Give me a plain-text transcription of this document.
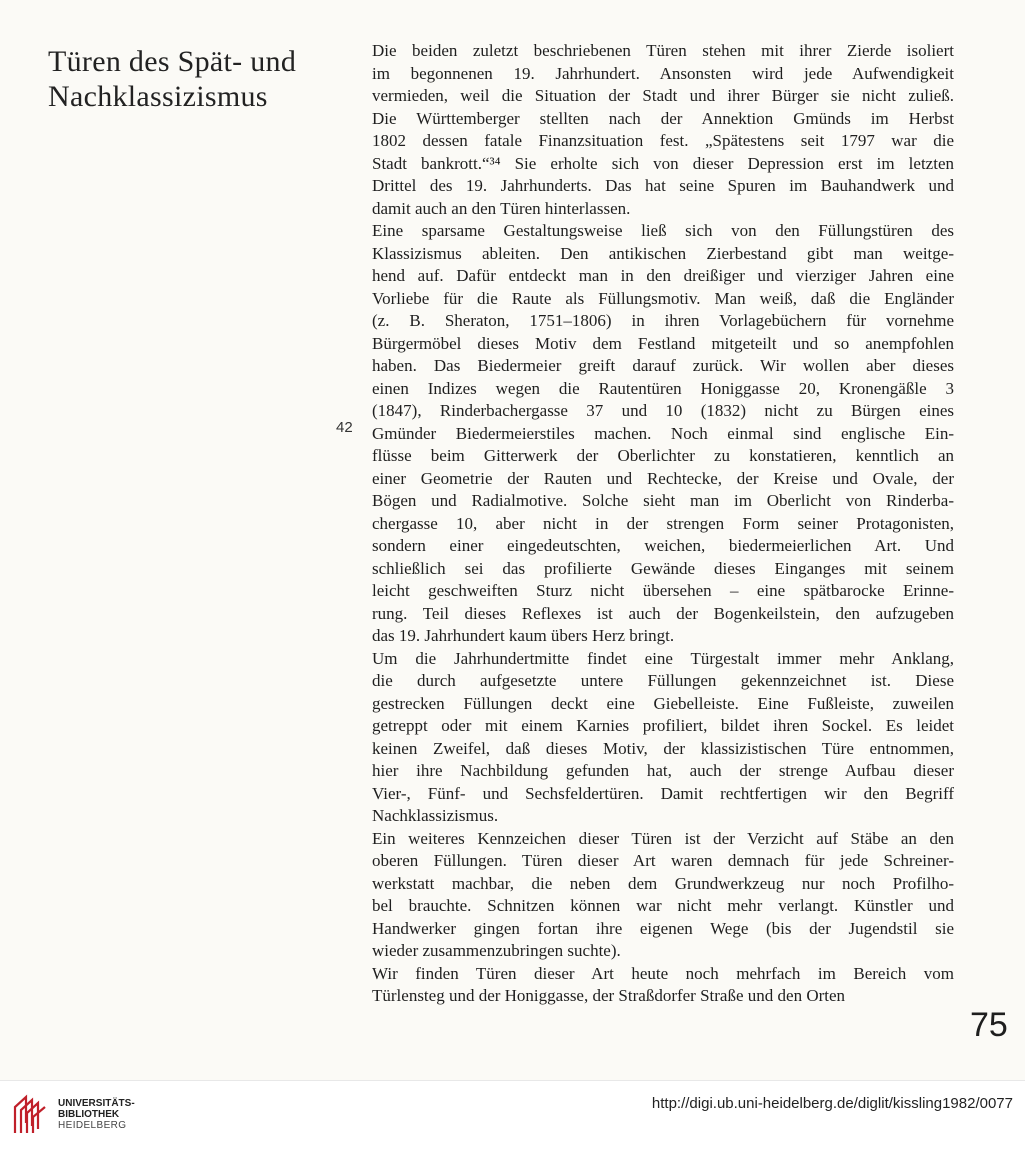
Türen des Spät- und
Nachklassizismus
42
Die beiden zuletzt beschriebenen Türen stehen mit ihrer Zierde isoliert
im begonnenen 19. Jahrhundert. Ansonsten wird jede Aufwendigkeit
vermieden, weil die Situation der Stadt und ihrer Bürger sie nicht zuließ.
Die Württemberger stellten nach der Annektion Gmünds im Herbst
1802 dessen fatale Finanzsituation fest. „Spätestens seit 1797 war die
Stadt bankrott.“³⁴ Sie erholte sich von dieser Depression erst im letzten
Drittel des 19. Jahrhunderts. Das hat seine Spuren im Bauhandwerk und
damit auch an den Türen hinterlassen.
Eine sparsame Gestaltungsweise ließ sich von den Füllungstüren des
Klassizismus ableiten. Den antikischen Zierbestand gibt man weitge-
hend auf. Dafür entdeckt man in den dreißiger und vierziger Jahren eine
Vorliebe für die Raute als Füllungsmotiv. Man weiß, daß die Engländer
(z. B. Sheraton, 1751–1806) in ihren Vorlagebüchern für vornehme
Bürgermöbel dieses Motiv dem Festland mitgeteilt und so anempfohlen
haben. Das Biedermeier greift darauf zurück. Wir wollen aber dieses
einen Indizes wegen die Rautentüren Honiggasse 20, Kronengäßle 3
(1847), Rinderbachergasse 37 und 10 (1832) nicht zu Bürgen eines
Gmünder Biedermeierstiles machen. Noch einmal sind englische Ein-
flüsse beim Gitterwerk der Oberlichter zu konstatieren, kenntlich an
einer Geometrie der Rauten und Rechtecke, der Kreise und Ovale, der
Bögen und Radialmotive. Solche sieht man im Oberlicht von Rinderba-
chergasse 10, aber nicht in der strengen Form seiner Protagonisten,
sondern einer eingedeutschten, weichen, biedermeierlichen Art. Und
schließlich sei das profilierte Gewände dieses Einganges mit seinem
leicht geschweiften Sturz nicht übersehen – eine spätbarocke Erinne-
rung. Teil dieses Reflexes ist auch der Bogenkeilstein, den aufzugeben
das 19. Jahrhundert kaum übers Herz bringt.
Um die Jahrhundertmitte findet eine Türgestalt immer mehr Anklang,
die durch aufgesetzte untere Füllungen gekennzeichnet ist. Diese
gestrecken Füllungen deckt eine Giebelleiste. Eine Fußleiste, zuweilen
getreppt oder mit einem Karnies profiliert, bildet ihren Sockel. Es leidet
keinen Zweifel, daß dieses Motiv, der klassizistischen Türe entnommen,
hier ihre Nachbildung gefunden hat, auch der strenge Aufbau dieser
Vier-, Fünf- und Sechsfeldertüren. Damit rechtfertigen wir den Begriff
Nachklassizismus.
Ein weiteres Kennzeichen dieser Türen ist der Verzicht auf Stäbe an den
oberen Füllungen. Türen dieser Art waren demnach für jede Schreiner-
werkstatt machbar, die neben dem Grundwerkzeug nur noch Profilho-
bel brauchte. Schnitzen können war nicht mehr verlangt. Künstler und
Handwerker gingen fortan ihre eigenen Wege (bis der Jugendstil sie
wieder zusammenzubringen suchte).
Wir finden Türen dieser Art heute noch mehrfach im Bereich vom
Türlensteg und der Honiggasse, der Straßdorfer Straße und den Orten
75
UNIVERSITÄTS-
BIBLIOTHEK
HEIDELBERG
http://digi.ub.uni-heidelberg.de/diglit/kissling1982/0077
